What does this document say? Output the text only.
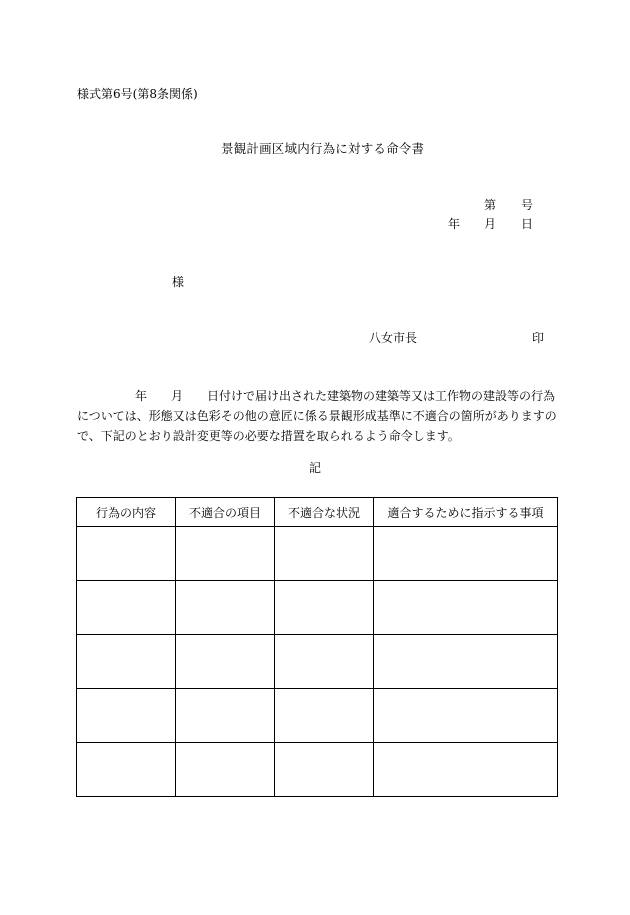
様式第6号(第8条関係)
景観計画区域内行為に対する命令書
第 号
年 月 日
様
八女市長	印
年 月 日付けで届け出された建築物の建築等又は工作物の建設等の行為
については、形態又は色彩その他の意匠に係る景観形成基準に不適合の箇所がありますの
で、下記のとおり設計変更等の必要な措置を取られるよう命令します。
記
行為の内容	不適合の項目	不適合な状況	適合するために指示する事項
